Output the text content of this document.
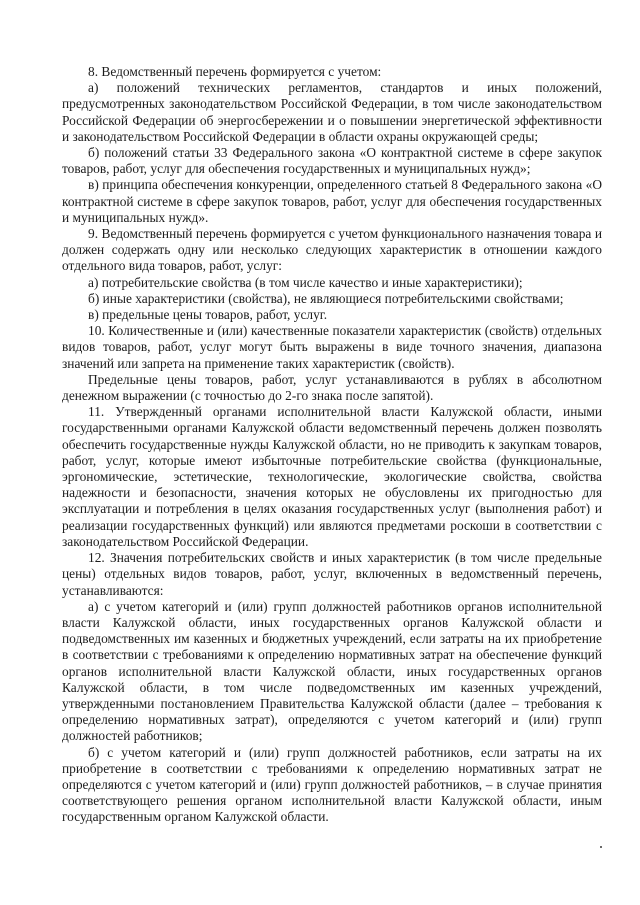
8. Ведомственный перечень формируется с учетом:

а) положений технических регламентов, стандартов и иных положений, предусмотренных законодательством Российской Федерации, в том числе законодательством Российской Федерации об энергосбережении и о повышении энергетической эффективности и законодательством Российской Федерации в области охраны окружающей среды;

б) положений статьи 33 Федерального закона «О контрактной системе в сфере закупок товаров, работ, услуг для обеспечения государственных и муниципальных нужд»;

в) принципа обеспечения конкуренции, определенного статьей 8 Федерального закона «О контрактной системе в сфере закупок товаров, работ, услуг для обеспечения государственных и муниципальных нужд».

9. Ведомственный перечень формируется с учетом функционального назначения товара и должен содержать одну или несколько следующих характеристик в отношении каждого отдельного вида товаров, работ, услуг:

а) потребительские свойства (в том числе качество и иные характеристики);

б) иные характеристики (свойства), не являющиеся потребительскими свойствами;

в) предельные цены товаров, работ, услуг.

10. Количественные и (или) качественные показатели характеристик (свойств) отдельных видов товаров, работ, услуг могут быть выражены в виде точного значения, диапазона значений или запрета на применение таких характеристик (свойств).

Предельные цены товаров, работ, услуг устанавливаются в рублях в абсолютном денежном выражении (с точностью до 2-го знака после запятой).

11. Утвержденный органами исполнительной власти Калужской области, иными государственными органами Калужской области ведомственный перечень должен позволять обеспечить государственные нужды Калужской области, но не приводить к закупкам товаров, работ, услуг, которые имеют избыточные потребительские свойства (функциональные, эргономические, эстетические, технологические, экологические свойства, свойства надежности и безопасности, значения которых не обусловлены их пригодностью для эксплуатации и потребления в целях оказания государственных услуг (выполнения работ) и реализации государственных функций) или являются предметами роскоши в соответствии с законодательством Российской Федерации.

12. Значения потребительских свойств и иных характеристик (в том числе предельные цены) отдельных видов товаров, работ, услуг, включенных в ведомственный перечень, устанавливаются:

а) с учетом категорий и (или) групп должностей работников органов исполнительной власти Калужской области, иных государственных органов Калужской области и подведомственных им казенных и бюджетных учреждений, если затраты на их приобретение в соответствии с требованиями к определению нормативных затрат на обеспечение функций органов исполнительной власти Калужской области, иных государственных органов Калужской области, в том числе подведомственных им казенных учреждений, утвержденными постановлением Правительства Калужской области (далее – требования к определению нормативных затрат), определяются с учетом категорий и (или) групп должностей работников;

б) с учетом категорий и (или) групп должностей работников, если затраты на их приобретение в соответствии с требованиями к определению нормативных затрат не определяются с учетом категорий и (или) групп должностей работников, – в случае принятия соответствующего решения органом исполнительной власти Калужской области, иным государственным органом Калужской области.
